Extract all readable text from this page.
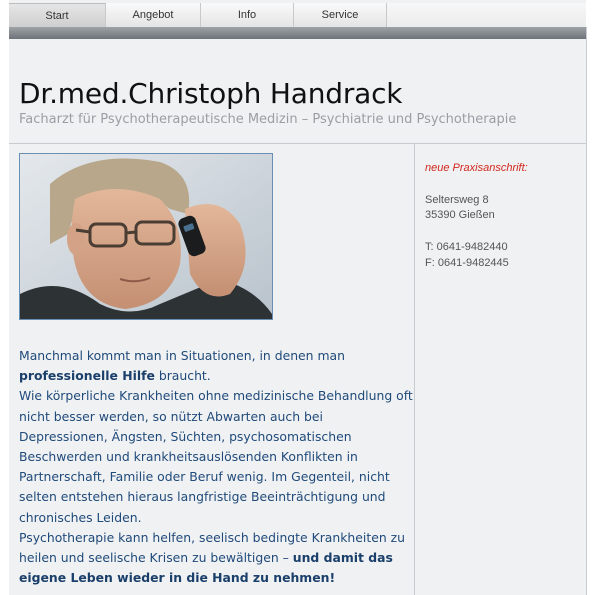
Start	Angebot	Info	Service
Dr.med.Christoph Handrack
Facharzt für Psychotherapeutische Medizin – Psychiatrie und Psychotherapie
Manchmal kommt man in Situationen, in denen man
professionelle Hilfe braucht.
Wie körperliche Krankheiten ohne medizinische Behandlung oft nicht besser werden, so nützt Abwarten auch bei Depressionen, Ängsten, Süchten, psychosomatischen Beschwerden und krankheitsauslösenden Konflikten in Partnerschaft, Familie oder Beruf wenig. Im Gegenteil, nicht selten entstehen hieraus langfristige Beeinträchtigung und chronisches Leiden.
Psychotherapie kann helfen, seelisch bedingte Krankheiten zu heilen und seelische Krisen zu bewältigen – und damit das eigene Leben wieder in die Hand zu nehmen!
neue Praxisanschrift:
Seltersweg 8
35390 Gießen
T: 0641-9482440
F: 0641-9482445
